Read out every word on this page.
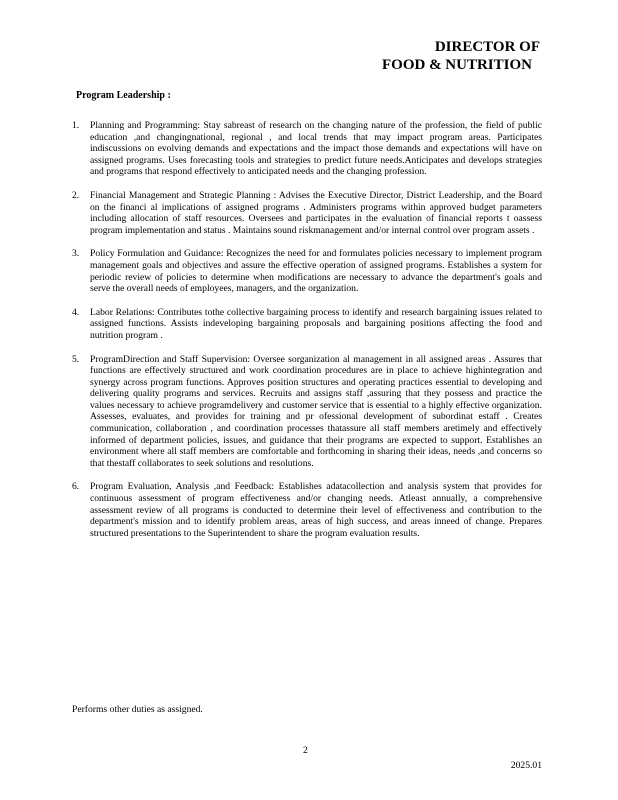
DIRECTOR OF
FOOD & NUTRITION
Program Leadership :
1. Planning and Programming: Stay sabreast of research on the changing nature of the profession, the field of public education ,and changingnational, regional , and local trends that may impact program areas. Participates indiscussions on evolving demands and expectations and the impact those demands and expectations will have on assigned programs. Uses forecasting tools and strategies to predict future needs.Anticipates and develops strategies and programs that respond effectively to anticipated needs and the changing profession.
2. Financial Management and Strategic Planning : Advises the Executive Director, District Leadership, and the Board on the financi al implications of assigned programs . Administers programs within approved budget parameters including allocation of staff resources. Oversees and participates in the evaluation of financial reports t oassess program implementation and status . Maintains sound riskmanagement and/or internal control over program assets .
3. Policy Formulation and Guidance: Recognizes the need for and formulates policies necessary to implement program management goals and objectives and assure the effective operation of assigned programs. Establishes a system for periodic review of policies to determine when modifications are necessary to advance the department's goals and serve the overall needs of employees, managers, and the organization.
4. Labor Relations: Contributes tothe collective bargaining process to identify and research bargaining issues related to assigned functions. Assists indeveloping bargaining proposals and bargaining positions affecting the food and nutrition program .
5. ProgramDirection and Staff Supervision: Oversee sorganization al management in all assigned areas . Assures that functions are effectively structured and work coordination procedures are in place to achieve highintegration and synergy across program functions. Approves position structures and operating practices essential to developing and delivering quality programs and services. Recruits and assigns staff ,assuring that they possess and practice the values necessary to achieve programdelivery and customer service that is essential to a highly effective organization. Assesses, evaluates, and provides for training and pr ofessional development of subordinat estaff . Creates communication, collaboration , and coordination processes thatassure all staff members aretimely and effectively informed of department policies, issues, and guidance that their programs are expected to support. Establishes an environment where all staff members are comfortable and forthcoming in sharing their ideas, needs ,and concerns so that thestaff collaborates to seek solutions and resolutions.
6. Program Evaluation, Analysis ,and Feedback: Establishes adatacollection and analysis system that provides for continuous assessment of program effectiveness and/or changing needs. Atleast annually, a comprehensive assessment review of all programs is conducted to determine their level of effectiveness and contribution to the department's mission and to identify problem areas, areas of high success, and areas inneed of change. Prepares structured presentations to the Superintendent to share the program evaluation results.
Performs other duties as assigned.
2
2025.01
